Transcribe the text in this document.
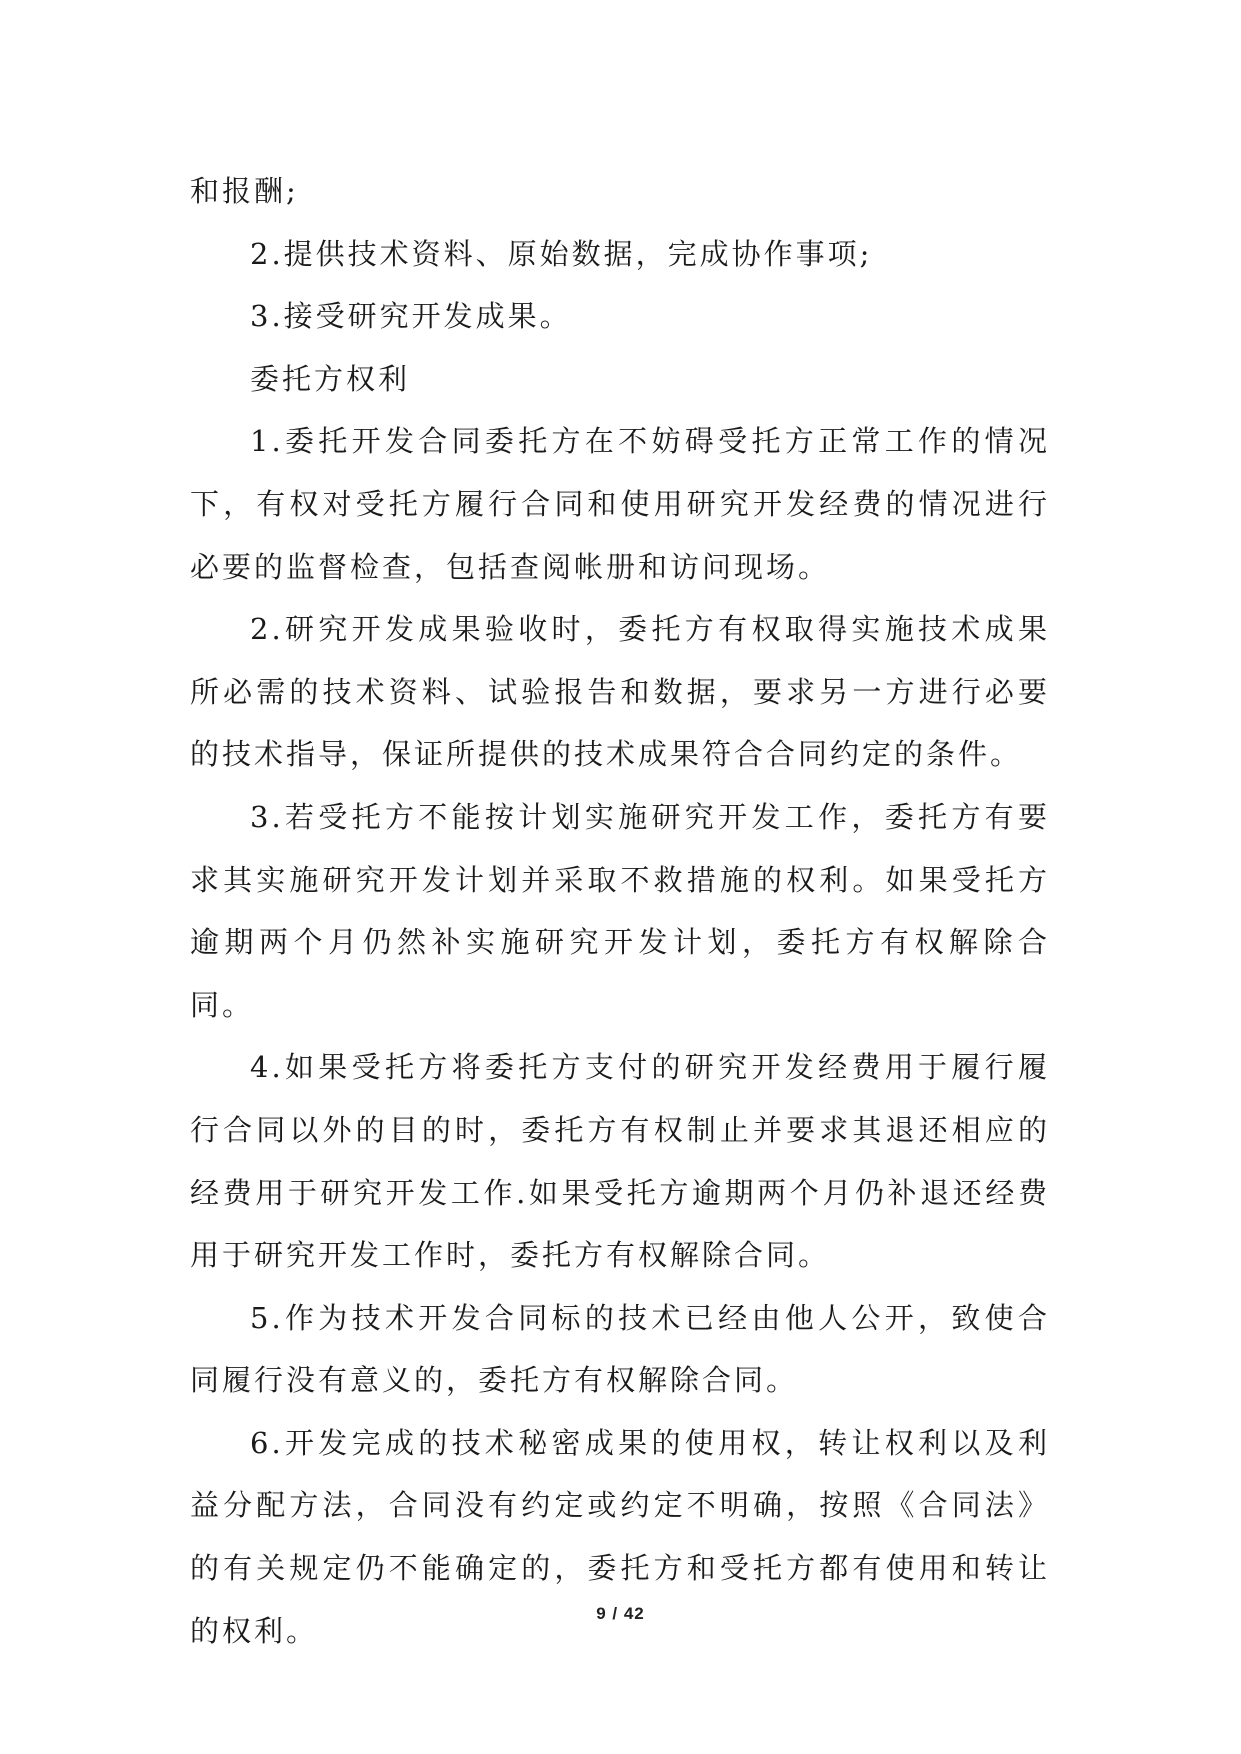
和报酬;

2.提供技术资料、原始数据，完成协作事项;

3.接受研究开发成果。

委托方权利

1.委托开发合同委托方在不妨碍受托方正常工作的情况下，有权对受托方履行合同和使用研究开发经费的情况进行必要的监督检查，包括查阅帐册和访问现场。

2.研究开发成果验收时，委托方有权取得实施技术成果所必需的技术资料、试验报告和数据，要求另一方进行必要的技术指导，保证所提供的技术成果符合合同约定的条件。

3.若受托方不能按计划实施研究开发工作，委托方有要求其实施研究开发计划并采取不救措施的权利。如果受托方逾期两个月仍然补实施研究开发计划，委托方有权解除合同。

4.如果受托方将委托方支付的研究开发经费用于履行履行合同以外的目的时，委托方有权制止并要求其退还相应的经费用于研究开发工作.如果受托方逾期两个月仍补退还经费用于研究开发工作时，委托方有权解除合同。

5.作为技术开发合同标的技术已经由他人公开，致使合同履行没有意义的，委托方有权解除合同。

6.开发完成的技术秘密成果的使用权，转让权利以及利益分配方法，合同没有约定或约定不明确，按照《合同法》的有关规定仍不能确定的，委托方和受托方都有使用和转让的权利。

9 / 42
